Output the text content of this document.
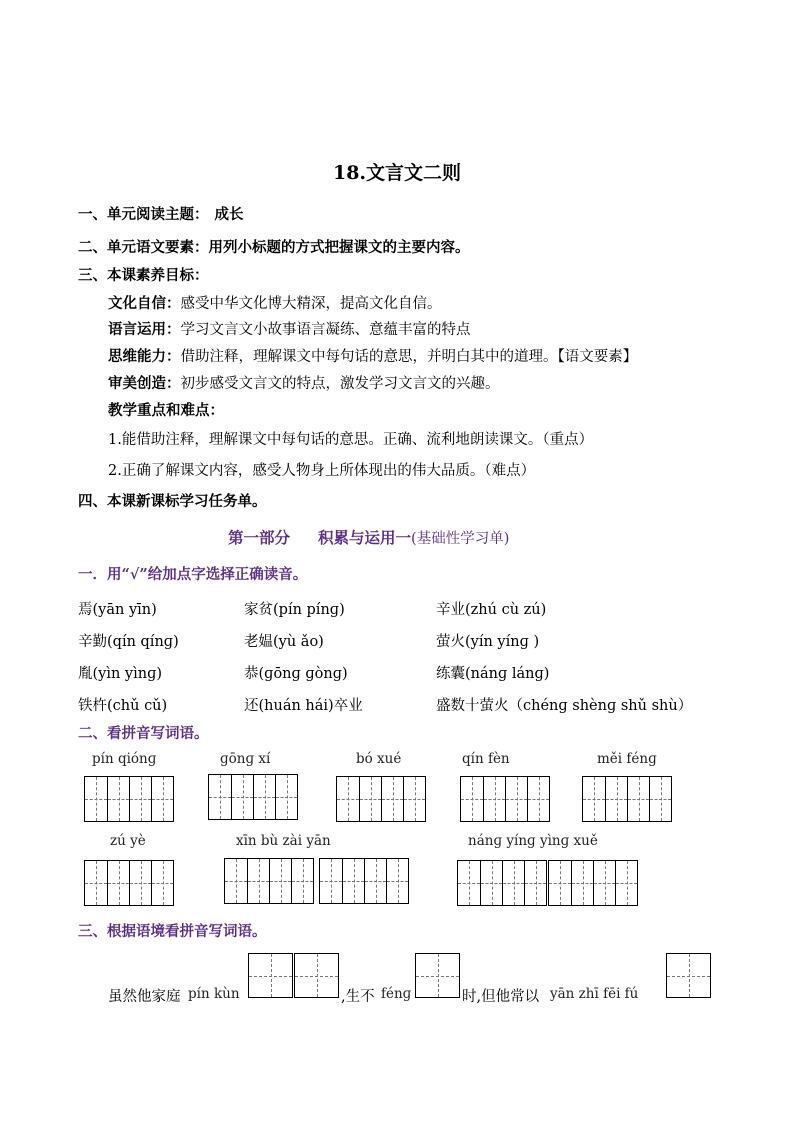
18.文言文二则
一、单元阅读主题： 成长
二、单元语文要素：用列小标题的方式把握课文的主要内容。
三、本课素养目标：
文化自信：感受中华文化博大精深，提高文化自信。
语言运用：学习文言文小故事语言凝练、意蕴丰富的特点
思维能力：借助注释，理解课文中每句话的意思，并明白其中的道理。【语文要素】
审美创造：初步感受文言文的特点，激发学习文言文的兴趣。
教学重点和难点：
1.能借助注释，理解课文中每句话的意思。正确、流利地朗读课文。（重点）
2.正确了解课文内容，感受人物身上所体现出的伟大品质。（难点）
四、本课新课标学习任务单。
第一部分 积累与运用一(基础性学习单)
一．用“√”给加点字选择正确读音。
焉(yān yīn)	家贫(pín pínɡ)	辛业(zhú cù zú)
辛勤(qín qínɡ)	老媪(yù ǎo)	萤火(yín yínɡ )
胤(yìn yìnɡ)	恭(ɡōnɡ ɡònɡ)	练囊(nánɡ lánɡ)
铁杵(chǔ cǔ)	还(huán hái)卒业	盛数十萤火（chénɡ shènɡ shǔ shù）
二、看拼音写词语。
pín qiónɡ	ɡōnɡ xí	bó xué	qín fèn	měi fénɡ
zú yè	xīn bù zài yān	nánɡ yínɡ yìnɡ xuě
三、根据语境看拼音写词语。
虽然他家庭 pín kùn	,生不 fénɡ	时,但他常以 yān zhī fēi fú
